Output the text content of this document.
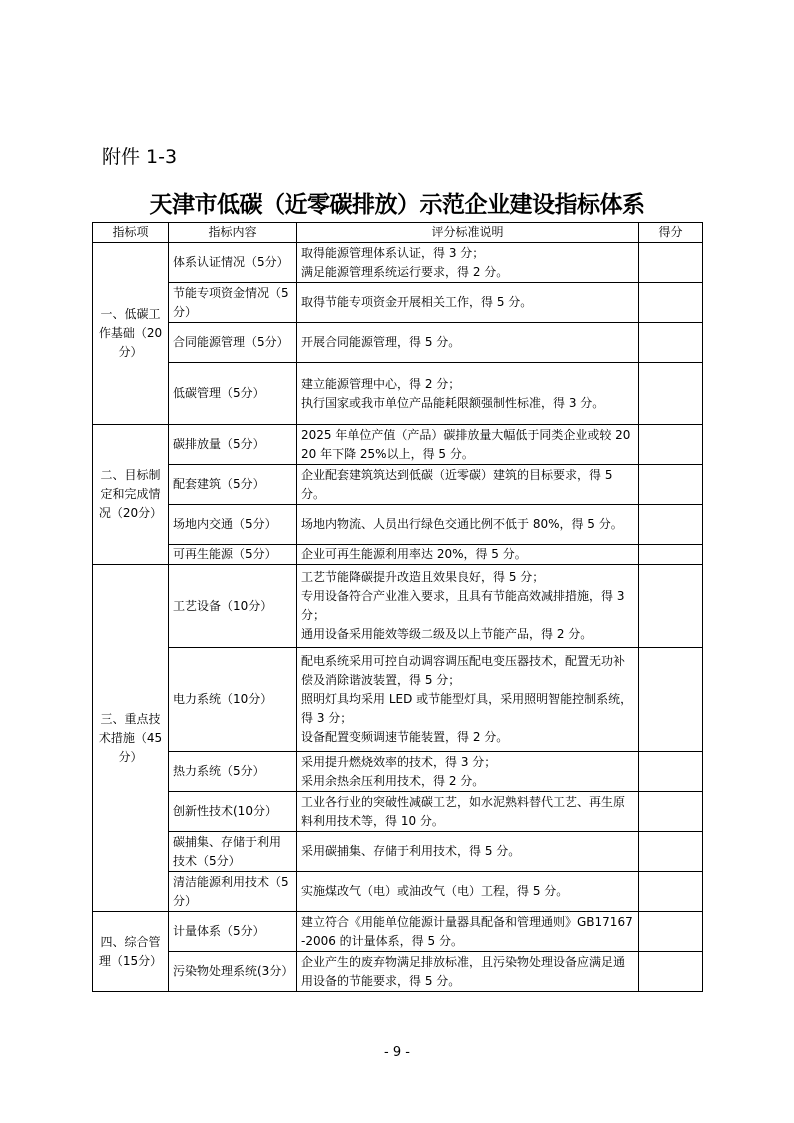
附件 1-3
天津市低碳（近零碳排放）示范企业建设指标体系
指标项	指标内容	评分标准说明	得分
一、低碳工作基础（20分）	体系认证情况（5分）	取得能源管理体系认证，得 3 分；
满足能源管理系统运行要求，得 2 分。	

	节能专项资金情况（5分）	取得节能专项资金开展相关工作，得 5 分。	

	合同能源管理（5分）	开展合同能源管理，得 5 分。	

	低碳管理（5分）	建立能源管理中心，得 2 分；
执行国家或我市单位产品能耗限额强制性标准，得 3 分。	

二、目标制定和完成情况（20分）	碳排放量（5分）	2025 年单位产值（产品）碳排放量大幅低于同类企业或较 2020 年下降 25%以上，得 5 分。	

	配套建筑（5分）	企业配套建筑筑达到低碳（近零碳）建筑的目标要求，得 5 分。	

	场地内交通（5分）	场地内物流、人员出行绿色交通比例不低于 80%，得 5 分。	

	可再生能源（5分）	企业可再生能源利用率达 20%，得 5 分。	

三、重点技术措施（45分）	工艺设备（10分）	工艺节能降碳提升改造且效果良好，得 5 分；
专用设备符合产业准入要求，且具有节能高效减排措施，得 3 分；
通用设备采用能效等级二级及以上节能产品，得 2 分。	

	电力系统（10分）	配电系统采用可控自动调容调压配电变压器技术，配置无功补偿及消除谐波装置，得 5 分；
照明灯具均采用 LED 或节能型灯具，采用照明智能控制系统，得 3 分；
设备配置变频调速节能装置，得 2 分。	

	热力系统（5分）	采用提升燃烧效率的技术，得 3 分；
采用余热余压利用技术，得 2 分。	

	创新性技术(10分）	工业各行业的突破性减碳工艺，如水泥熟料替代工艺、再生原料利用技术等，得 10 分。	

	碳捕集、存储于利用技术（5分）	采用碳捕集、存储于利用技术，得 5 分。	

	清洁能源利用技术（5分）	实施煤改气（电）或油改气（电）工程，得 5 分。	

四、综合管理（15分）	计量体系（5分）	建立符合《用能单位能源计量器具配备和管理通则》GB17167-2006 的计量体系，得 5 分。	

	污染物处理系统(3分）	企业产生的废弃物满足排放标准，且污染物处理设备应满足通用设备的节能要求，得 5 分。	

- 9 -
